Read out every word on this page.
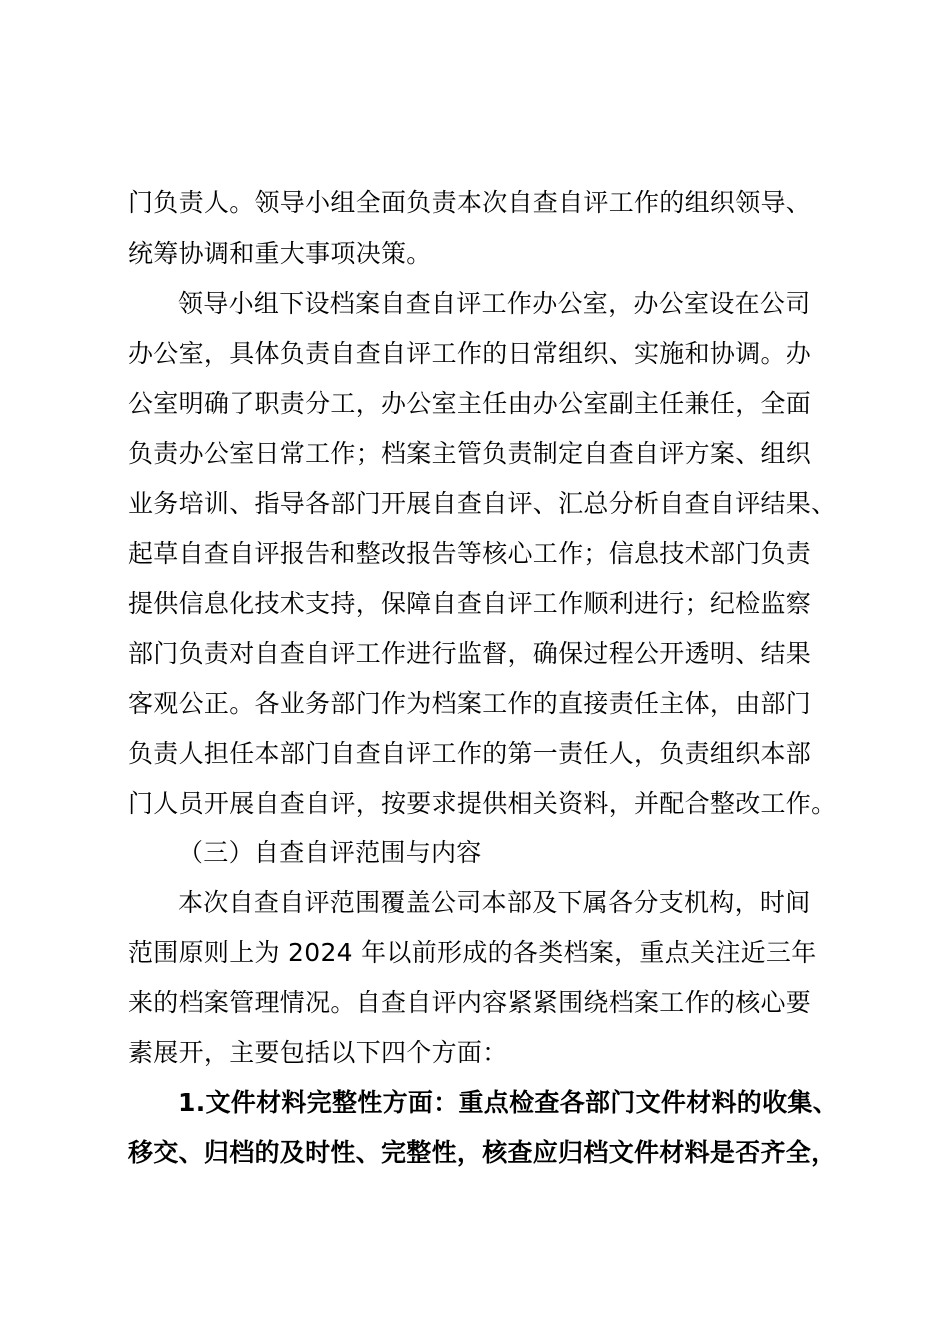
门负责人。领导小组全面负责本次自查自评工作的组织领导、
统筹协调和重大事项决策。
领导小组下设档案自查自评工作办公室，办公室设在公司
办公室，具体负责自查自评工作的日常组织、实施和协调。办
公室明确了职责分工，办公室主任由办公室副主任兼任，全面
负责办公室日常工作；档案主管负责制定自查自评方案、组织
业务培训、指导各部门开展自查自评、汇总分析自查自评结果、
起草自查自评报告和整改报告等核心工作；信息技术部门负责
提供信息化技术支持，保障自查自评工作顺利进行；纪检监察
部门负责对自查自评工作进行监督，确保过程公开透明、结果
客观公正。各业务部门作为档案工作的直接责任主体，由部门
负责人担任本部门自查自评工作的第一责任人，负责组织本部
门人员开展自查自评，按要求提供相关资料，并配合整改工作。
（三）自查自评范围与内容
本次自查自评范围覆盖公司本部及下属各分支机构，时间
范围原则上为 2024 年以前形成的各类档案，重点关注近三年
来的档案管理情况。自查自评内容紧紧围绕档案工作的核心要
素展开，主要包括以下四个方面：
1.文件材料完整性方面：重点检查各部门文件材料的收集、
移交、归档的及时性、完整性，核查应归档文件材料是否齐全，
